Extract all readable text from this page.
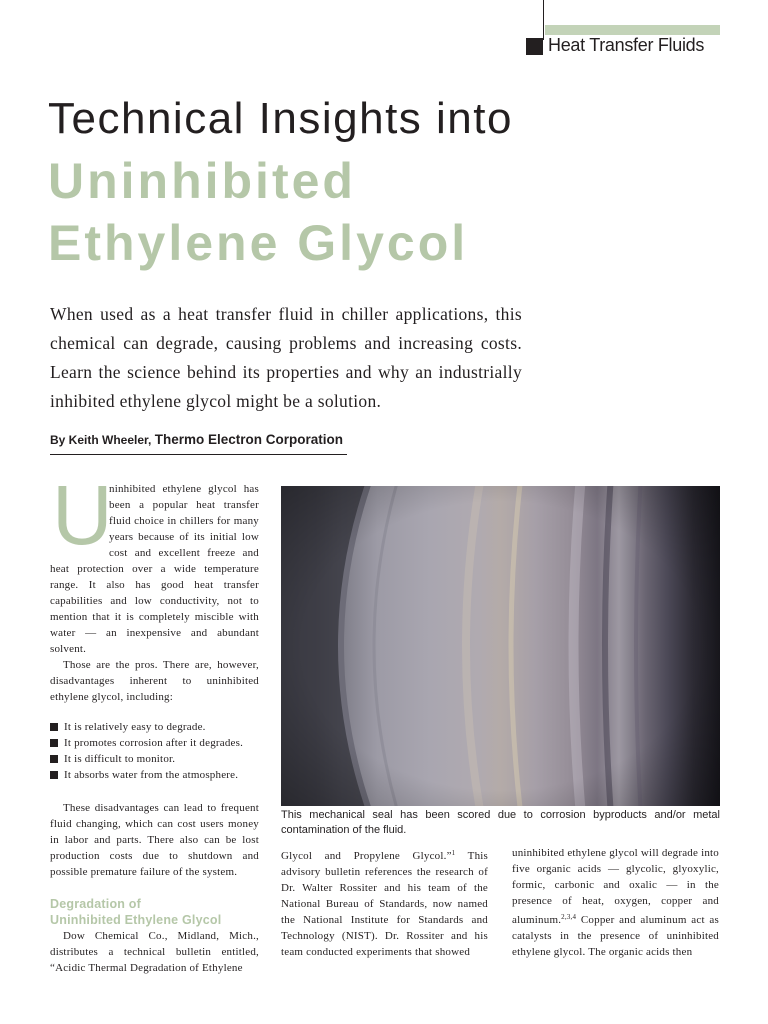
Heat Transfer Fluids
Technical Insights into
Uninhibited
Ethylene Glycol

When used as a heat transfer fluid in chiller applications, this chemical can degrade, causing problems and increasing costs. Learn the science behind its properties and why an industrially inhibited ethylene glycol might be a solution.

By Keith Wheeler, Thermo Electron Corporation
U

ninhibited ethylene glycol has been a popular heat transfer fluid choice in chillers for many years because of its initial low cost and excellent freeze and heat protection over a wide temperature range. It also has good heat transfer capabilities and low conductivity, not to mention that it is completely miscible with water — an inexpensive and abundant solvent.

Those are the pros. There are, however, disadvantages inherent to uninhibited ethylene glycol, including:

It is relatively easy to degrade.
It promotes corrosion after it degrades.
It is difficult to monitor.
It absorbs water from the atmosphere.

These disadvantages can lead to frequent fluid changing, which can cost users money in labor and parts. There also can be lost production costs due to shutdown and possible premature failure of the system.

Degradation of
Uninhibited Ethylene Glycol

Dow Chemical Co., Midland, Mich., distributes a technical bulletin entitled, “Acidic Thermal Degradation of Ethylene

This mechanical seal has been scored due to corrosion byproducts and/or metal contamination of the fluid.

Glycol and Propylene Glycol.”$^1$ This advisory bulletin references the research of Dr. Walter Rossiter and his team of the National Bureau of Standards, now named the National Institute for Standards and Technology (NIST). Dr. Rossiter and his team conducted experiments that showed

uninhibited ethylene glycol will degrade into five organic acids — glycolic, glyoxylic, formic, carbonic and oxalic — in the presence of heat, oxygen, copper and aluminum.$^{2,3,4}$ Copper and aluminum act as catalysts in the presence of uninhibited ethylene glycol. The organic acids then
